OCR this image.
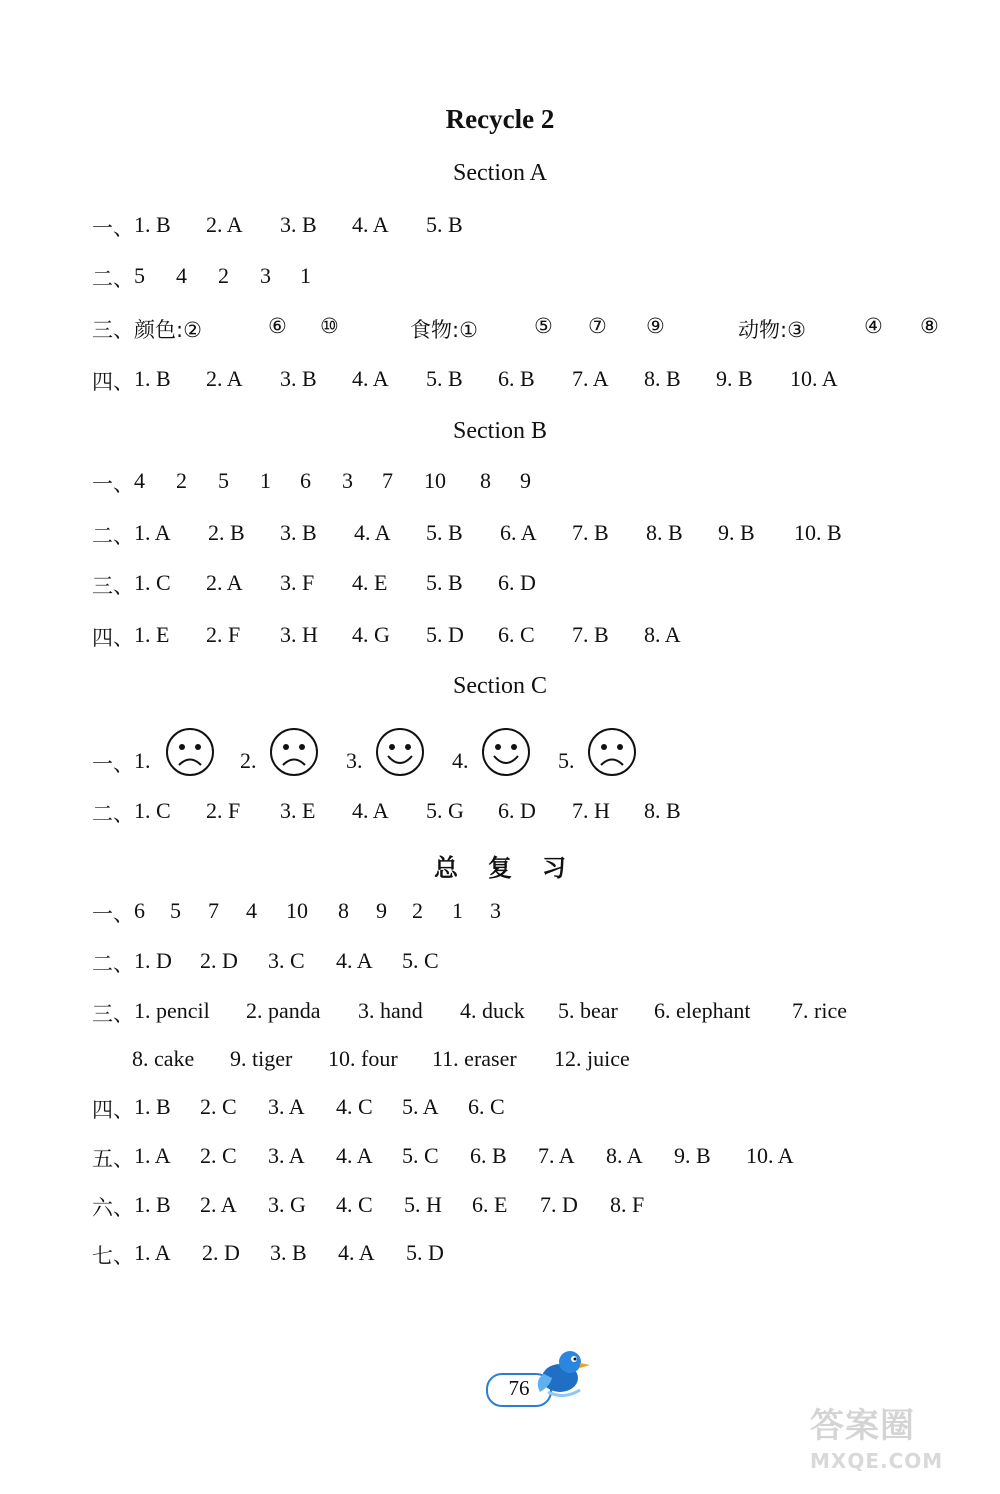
Recycle 2
Section A
一、 1. B 2. A 3. B 4. A 5. B
二、 5 4 2 3 1
三、 颜色:②	⑥ ⑩	食物:①	⑤ ⑦ ⑨	动物:③	④ ⑧
四、 1. B 2. A 3. B 4. A 5. B 6. B 7. A 8. B 9. B 10. A
Section B
一、 4 2 5 1 6 3 7 10 8 9
二、 1. A 2. B 3. B 4. A 5. B 6. A 7. B 8. B 9. B 10. B
三、 1. C 2. A 3. F 4. E 5. B 6. D
四、 1. E 2. F 3. H 4. G 5. D 6. C 7. B 8. A
Section C
一、 1.	2.	3.	4.	5.
二、 1. C 2. F 3. E 4. A 5. G 6. D 7. H 8. B
总复习
一、 6 5 7 4 10 8 9 2 1 3
二、 1. D 2. D 3. C 4. A 5. C
三、 1. pencil 2. panda 3. hand 4. duck 5. bear 6. elephant 7. rice
8. cake 9. tiger 10. four 11. eraser 12. juice
四、 1. B 2. C 3. A 4. C 5. A 6. C
五、 1. A 2. C 3. A 4. A 5. C 6. B 7. A 8. A 9. B 10. A
六、 1. B 2. A 3. G 4. C 5. H 6. E 7. D 8. F
七、 1. A 2. D 3. B 4. A 5. D
76
答案圈
MXQE.COM
